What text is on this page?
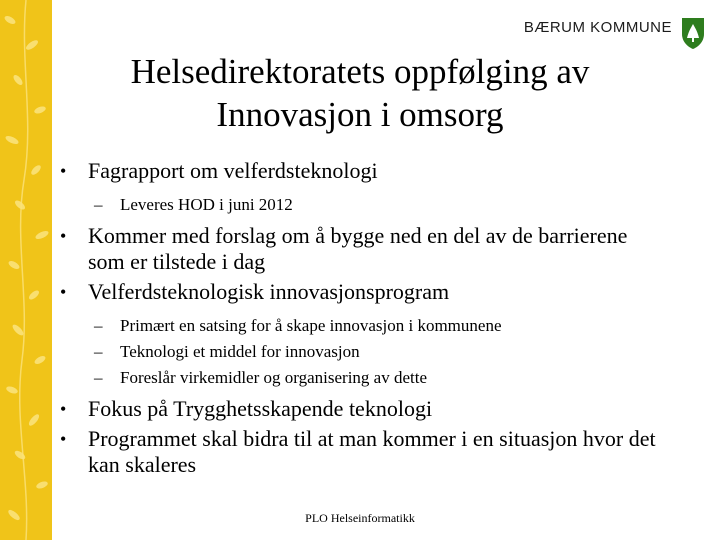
BÆRUM KOMMUNE
Helsedirektoratets oppfølging av
Innovasjon i omsorg
• Fagrapport om velferdsteknologi
– Leveres HOD i juni 2012
• Kommer med forslag om å bygge ned en del av de barrierene som er tilstede i dag
• Velferdsteknologisk innovasjonsprogram
– Primært en satsing for å skape innovasjon i kommunene
– Teknologi et middel for innovasjon
– Foreslår virkemidler og organisering av dette
• Fokus på Trygghetsskapende teknologi
• Programmet skal bidra til at man kommer i en situasjon hvor det kan skaleres
PLO Helseinformatikk
